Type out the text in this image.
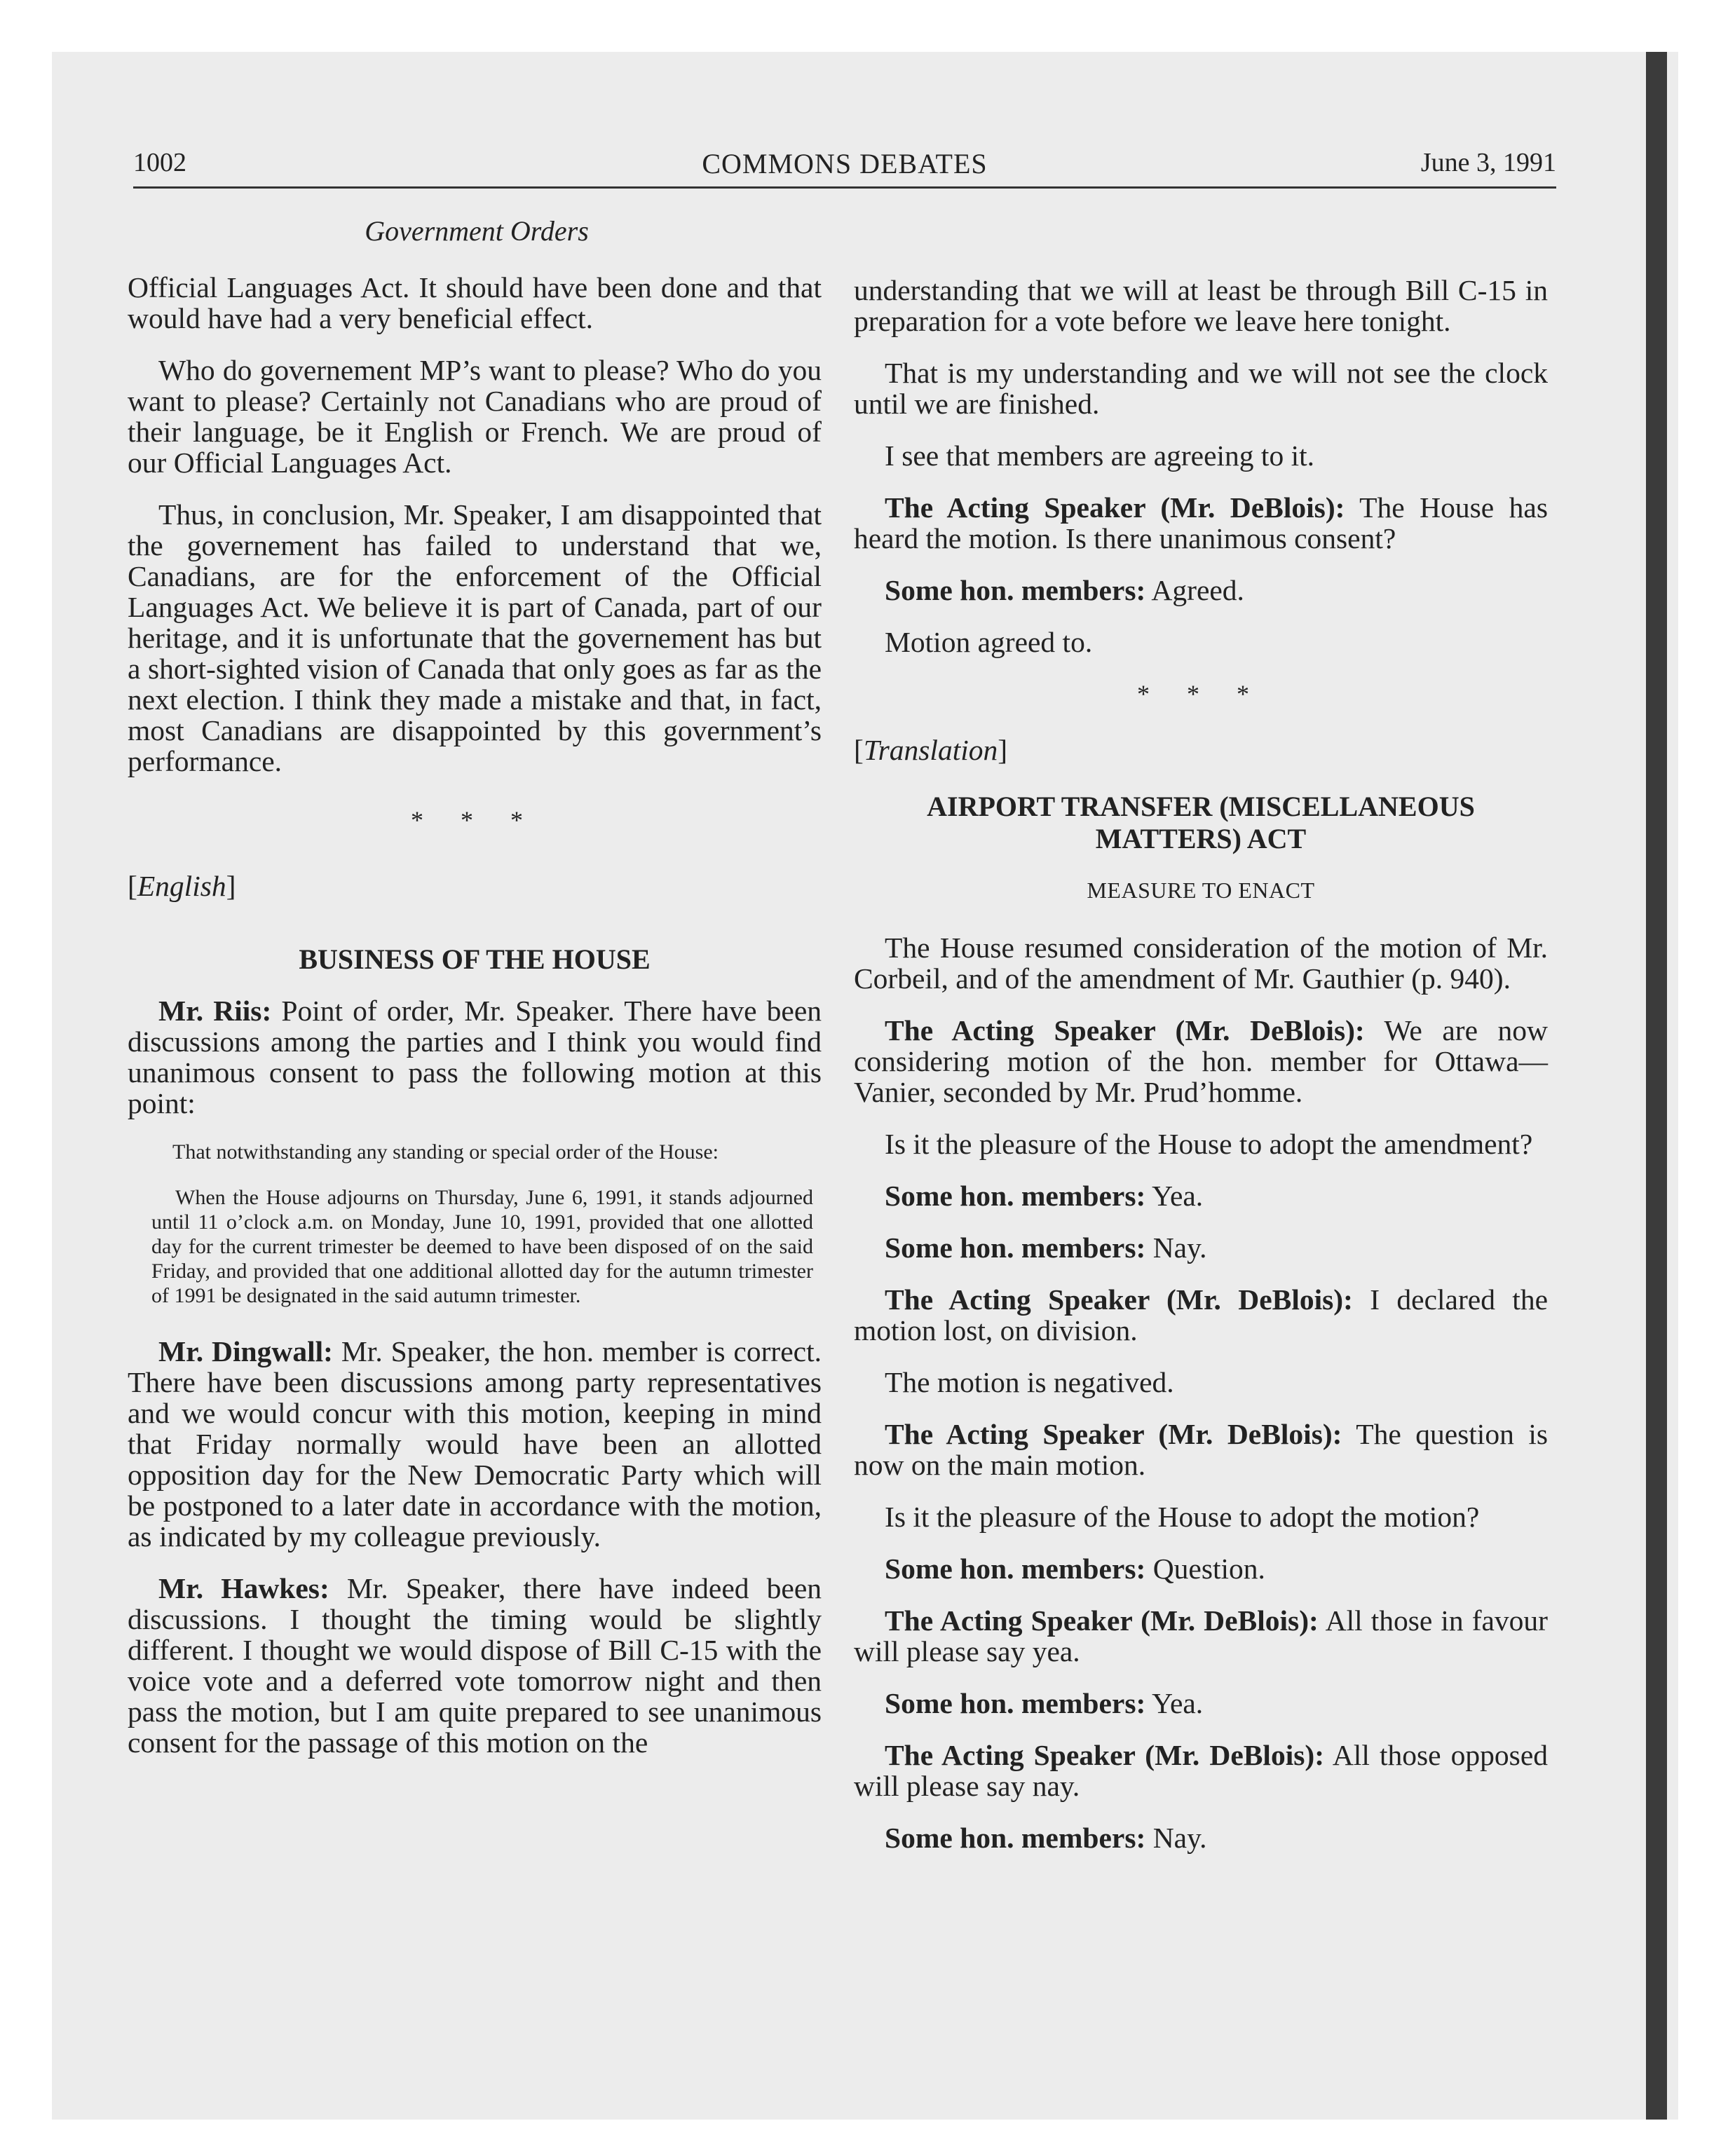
1002	COMMONS DEBATES	June 3, 1991
Government Orders

Official Languages Act. It should have been done and that would have had a very beneficial effect.

Who do governement MP’s want to please? Who do you want to please? Certainly not Canadians who are proud of their language, be it English or French. We are proud of our Official Languages Act.

Thus, in conclusion, Mr. Speaker, I am disappointed that the governement has failed to understand that we, Canadians, are for the enforcement of the Official Languages Act. We believe it is part of Canada, part of our heritage, and it is unfortunate that the governement has but a short-sighted vision of Canada that only goes as far as the next election. I think they made a mistake and that, in fact, most Canadians are disappointed by this government’s performance.

* * *

[English]

BUSINESS OF THE HOUSE

Mr. Riis: Point of order, Mr. Speaker. There have been discussions among the parties and I think you would find unanimous consent to pass the following motion at this point:

That notwithstanding any standing or special order of the House:

When the House adjourns on Thursday, June 6, 1991, it stands adjourned until 11 o’clock a.m. on Monday, June 10, 1991, provided that one allotted day for the current trimester be deemed to have been disposed of on the said Friday, and provided that one additional allotted day for the autumn trimester of 1991 be designated in the said autumn trimester.

Mr. Dingwall: Mr. Speaker, the hon. member is correct. There have been discussions among party representatives and we would concur with this motion, keeping in mind that Friday normally would have been an allotted opposition day for the New Democratic Party which will be postponed to a later date in accordance with the motion, as indicated by my colleague previously.

Mr. Hawkes: Mr. Speaker, there have indeed been discussions. I thought the timing would be slightly different. I thought we would dispose of Bill C-15 with the voice vote and a deferred vote tomorrow night and then pass the motion, but I am quite prepared to see unanimous consent for the passage of this motion on the

understanding that we will at least be through Bill C-15 in preparation for a vote before we leave here tonight.

That is my understanding and we will not see the clock until we are finished.

I see that members are agreeing to it.

The Acting Speaker (Mr. DeBlois): The House has heard the motion. Is there unanimous consent?

Some hon. members: Agreed.

Motion agreed to.

* * *

[Translation]

AIRPORT TRANSFER (MISCELLANEOUS MATTERS) ACT
MEASURE TO ENACT

The House resumed consideration of the motion of Mr. Corbeil, and of the amendment of Mr. Gauthier (p. 940).

The Acting Speaker (Mr. DeBlois): We are now considering motion of the hon. member for Ottawa—Vanier, seconded by Mr. Prud’homme.

Is it the pleasure of the House to adopt the amendment?

Some hon. members: Yea.

Some hon. members: Nay.

The Acting Speaker (Mr. DeBlois): I declared the motion lost, on division.

The motion is negatived.

The Acting Speaker (Mr. DeBlois): The question is now on the main motion.

Is it the pleasure of the House to adopt the motion?

Some hon. members: Question.

The Acting Speaker (Mr. DeBlois): All those in favour will please say yea.

Some hon. members: Yea.

The Acting Speaker (Mr. DeBlois): All those opposed will please say nay.

Some hon. members: Nay.
